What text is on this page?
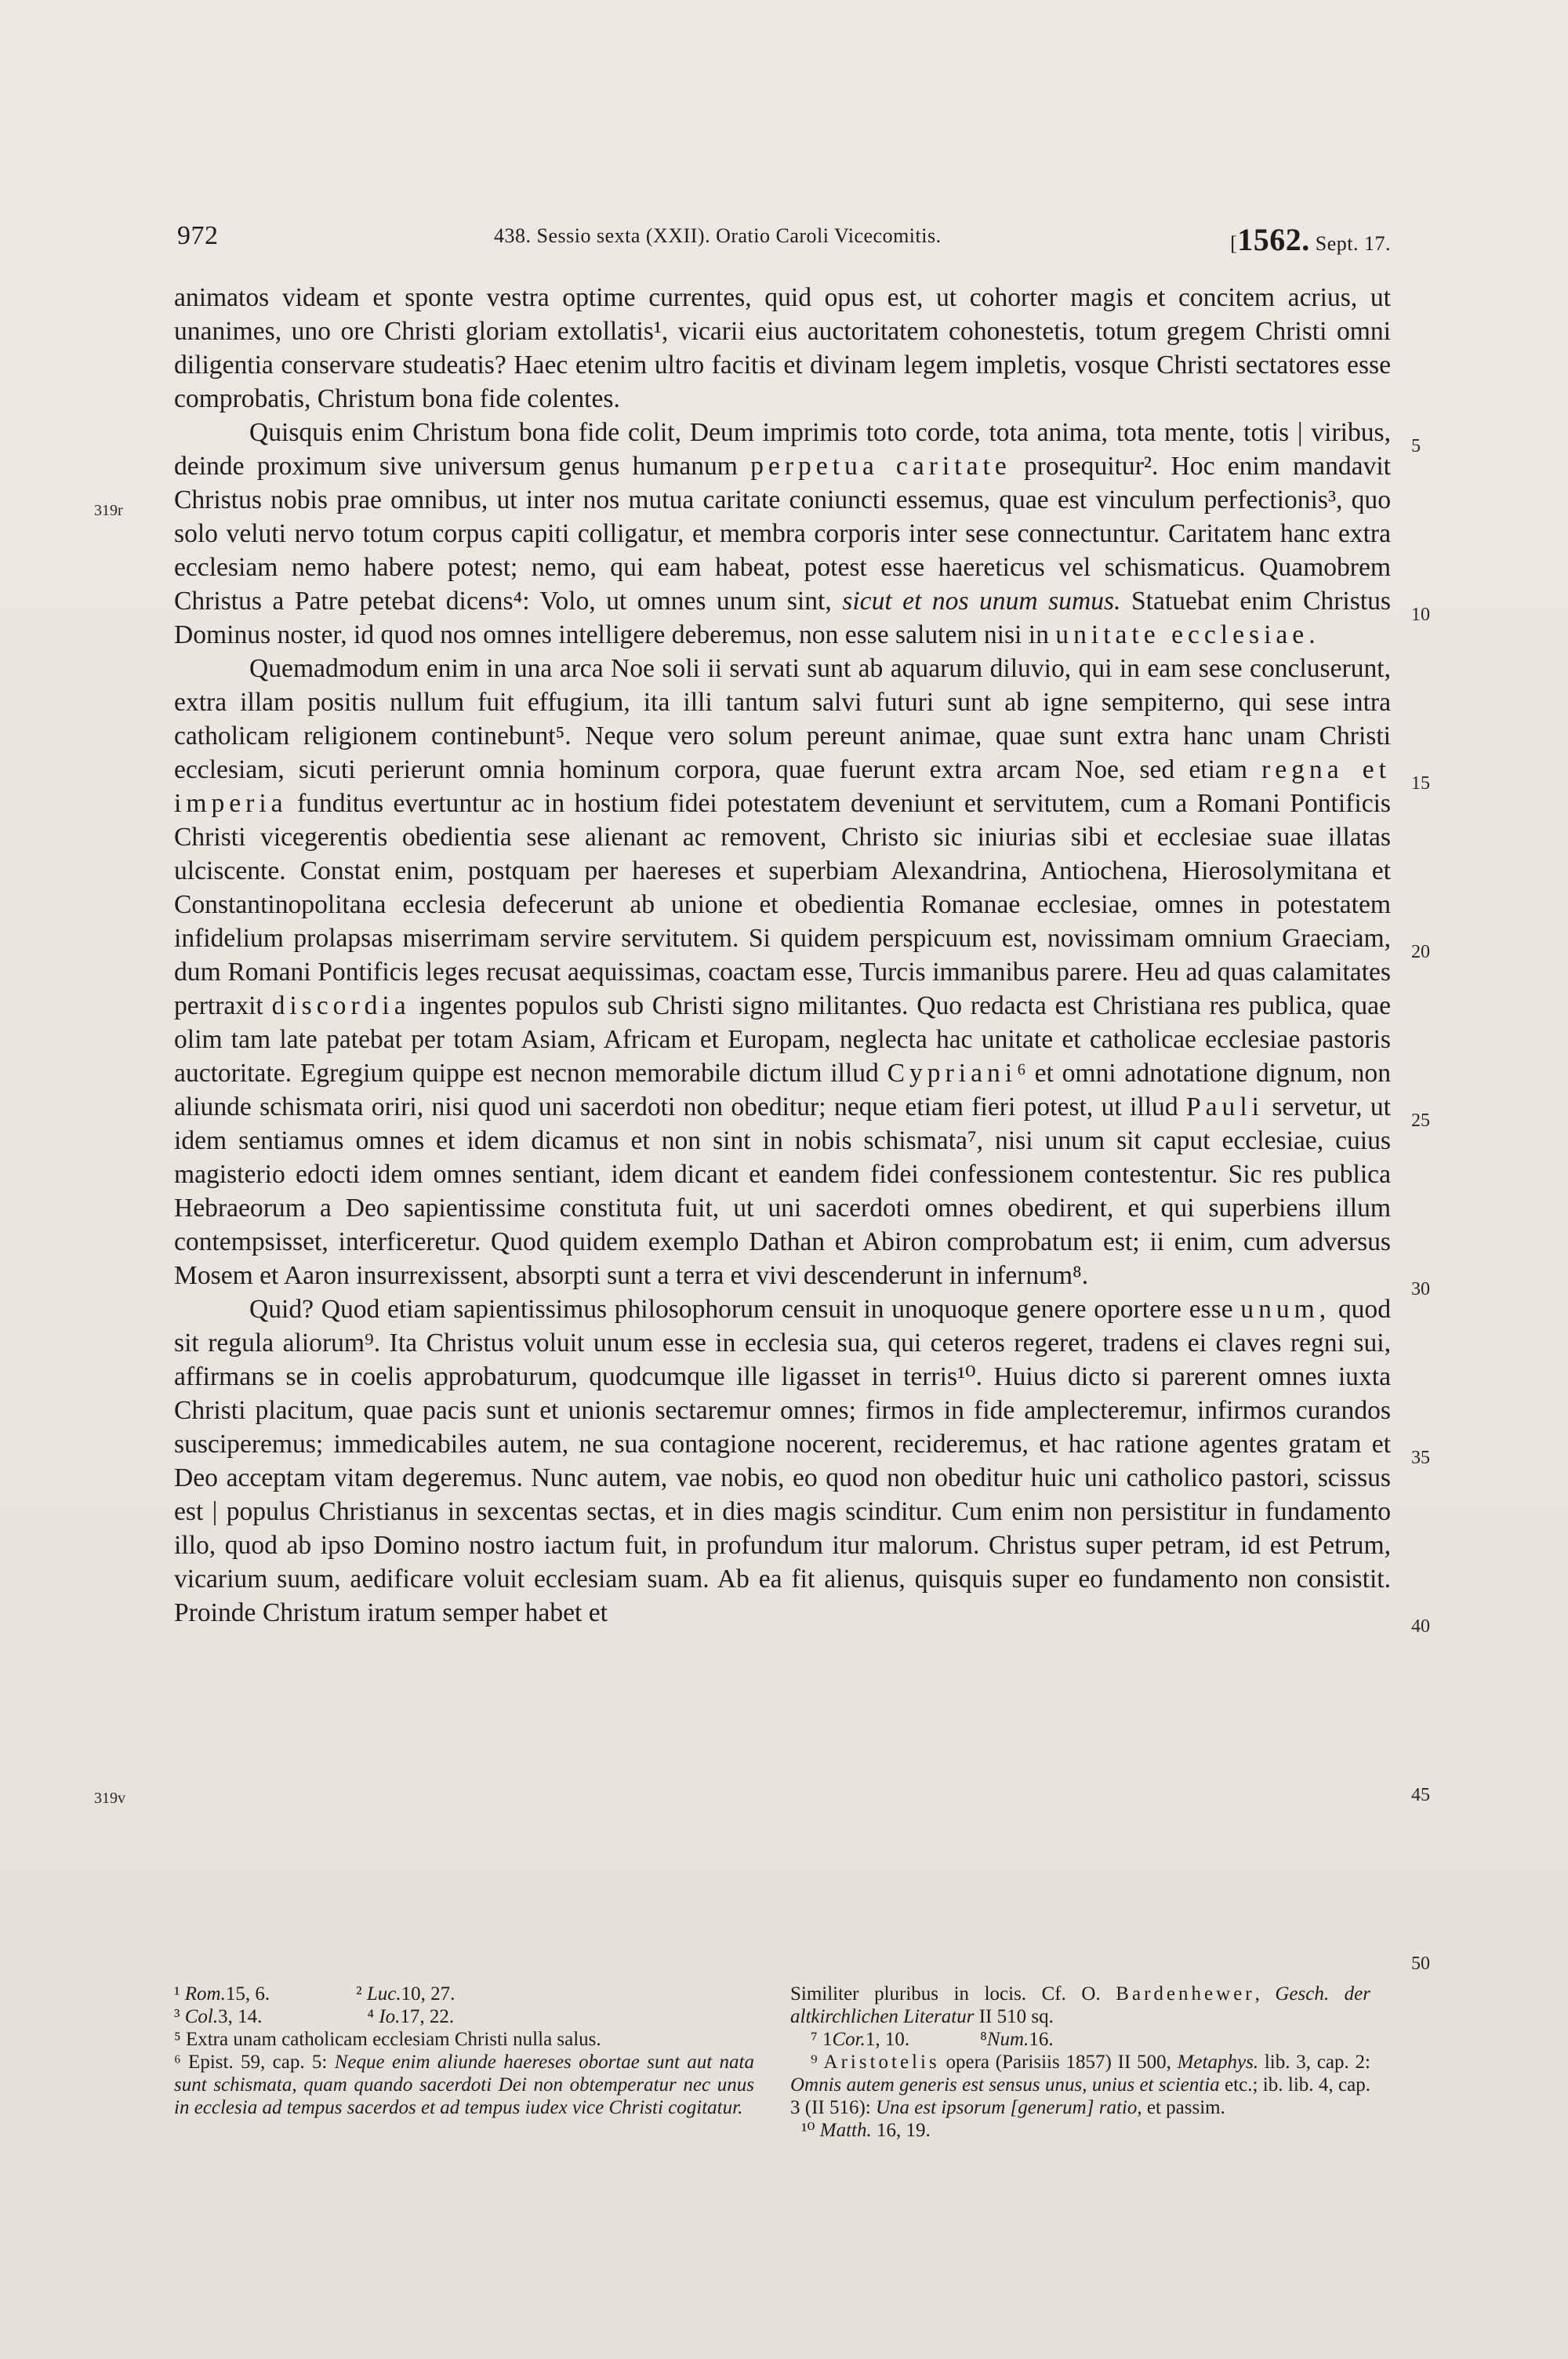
972	438. Sessio sexta (XXII). Oratio Caroli Vicecomitis.	[1562. Sept. 17.
319r
319v
5
10
15
20
25
30
35
40
45
50

animatos videam et sponte vestra optime currentes, quid opus est, ut cohorter magis et concitem acrius, ut unanimes, uno ore Christi gloriam extollatis¹, vicarii eius auctoritatem cohonestetis, totum gregem Christi omni diligentia conservare studeatis? Haec etenim ultro facitis et divinam legem impletis, vosque Christi sectatores esse comprobatis, Christum bona fide colentes.

Quisquis enim Christum bona fide colit, Deum imprimis toto corde, tota anima, tota mente, totis | viribus, deinde proximum sive universum genus humanum perpetua caritate prosequitur². Hoc enim mandavit Christus nobis prae omnibus, ut inter nos mutua caritate coniuncti essemus, quae est vinculum perfectionis³, quo solo veluti nervo totum corpus capiti colligatur, et membra corporis inter sese connectuntur. Caritatem hanc extra ecclesiam nemo habere potest; nemo, qui eam habeat, potest esse haereticus vel schismaticus. Quamobrem Christus a Patre petebat dicens⁴: Volo, ut omnes unum sint, sicut et nos unum sumus. Statuebat enim Christus Dominus noster, id quod nos omnes intelligere deberemus, non esse salutem nisi in unitate ecclesiae.

Quemadmodum enim in una arca Noe soli ii servati sunt ab aquarum diluvio, qui in eam sese concluserunt, extra illam positis nullum fuit effugium, ita illi tantum salvi futuri sunt ab igne sempiterno, qui sese intra catholicam religionem continebunt⁵. Neque vero solum pereunt animae, quae sunt extra hanc unam Christi ecclesiam, sicuti perierunt omnia hominum corpora, quae fuerunt extra arcam Noe, sed etiam regna et imperia funditus evertuntur ac in hostium fidei potestatem deveniunt et servitutem, cum a Romani Pontificis Christi vicegerentis obedientia sese alienant ac removent, Christo sic iniurias sibi et ecclesiae suae illatas ulciscente. Constat enim, postquam per haereses et superbiam Alexandrina, Antiochena, Hierosolymitana et Constantinopolitana ecclesia defecerunt ab unione et obedientia Romanae ecclesiae, omnes in potestatem infidelium prolapsas miserrimam servire servitutem. Si quidem perspicuum est, novissimam omnium Graeciam, dum Romani Pontificis leges recusat aequissimas, coactam esse, Turcis immanibus parere. Heu ad quas calamitates pertraxit discordia ingentes populos sub Christi signo militantes. Quo redacta est Christiana res publica, quae olim tam late patebat per totam Asiam, Africam et Europam, neglecta hac unitate et catholicae ecclesiae pastoris auctoritate. Egregium quippe est necnon memorabile dictum illud Cypriani⁶ et omni adnotatione dignum, non aliunde schismata oriri, nisi quod uni sacerdoti non obeditur; neque etiam fieri potest, ut illud Pauli servetur, ut idem sentiamus omnes et idem dicamus et non sint in nobis schismata⁷, nisi unum sit caput ecclesiae, cuius magisterio edocti idem omnes sentiant, idem dicant et eandem fidei confessionem contestentur. Sic res publica Hebraeorum a Deo sapientissime constituta fuit, ut uni sacerdoti omnes obedirent, et qui superbiens illum contempsisset, interficeretur. Quod quidem exemplo Dathan et Abiron comprobatum est; ii enim, cum adversus Mosem et Aaron insurrexissent, absorpti sunt a terra et vivi descenderunt in infernum⁸.

Quid? Quod etiam sapientissimus philosophorum censuit in unoquoque genere oportere esse unum, quod sit regula aliorum⁹. Ita Christus voluit unum esse in ecclesia sua, qui ceteros regeret, tradens ei claves regni sui, affirmans se in coelis approbaturum, quodcumque ille ligasset in terris¹⁰. Huius dicto si parerent omnes iuxta Christi placitum, quae pacis sunt et unionis sectaremur omnes; firmos in fide amplecteremur, infirmos curandos susciperemus; immedicabiles autem, ne sua contagione nocerent, recideremus, et hac ratione agentes gratam et Deo acceptam vitam degeremus. Nunc autem, vae nobis, eo quod non obeditur huic uni catholico pastori, scissus est | populus Christianus in sexcentas sectas, et in dies magis scinditur. Cum enim non persistitur in fundamento illo, quod ab ipso Domino nostro iactum fuit, in profundum itur malorum. Christus super petram, id est Petrum, vicarium suum, aedificare voluit ecclesiam suam. Ab ea fit alienus, quisquis super eo fundamento non consistit. Proinde Christum iratum semper habet et

¹ Rom.15, 6.	² Luc.10, 27.
³ Col.3, 14.	⁴ Io.17, 22.
⁵ Extra unam catholicam ecclesiam Christi nulla salus.
⁶ Epist. 59, cap. 5: Neque enim aliunde haereses obortae sunt aut nata sunt schismata, quam quando sacerdoti Dei non obtemperatur nec unus in ecclesia ad tempus sacerdos et ad tempus iudex vice Christi cogitatur.
Similiter pluribus in locis. Cf. O. Bardenhewer, Gesch. der altkirchlichen Literatur II 510 sq.
⁷ 1Cor.1, 10.	⁸Num.16.
⁹ Aristotelis opera (Parisiis 1857) II 500, Metaphys. lib. 3, cap. 2: Omnis autem generis est sensus unus, unius et scientia etc.; ib. lib. 4, cap. 3 (II 516): Una est ipsorum [generum] ratio, et passim.
¹⁰ Matth. 16, 19.
